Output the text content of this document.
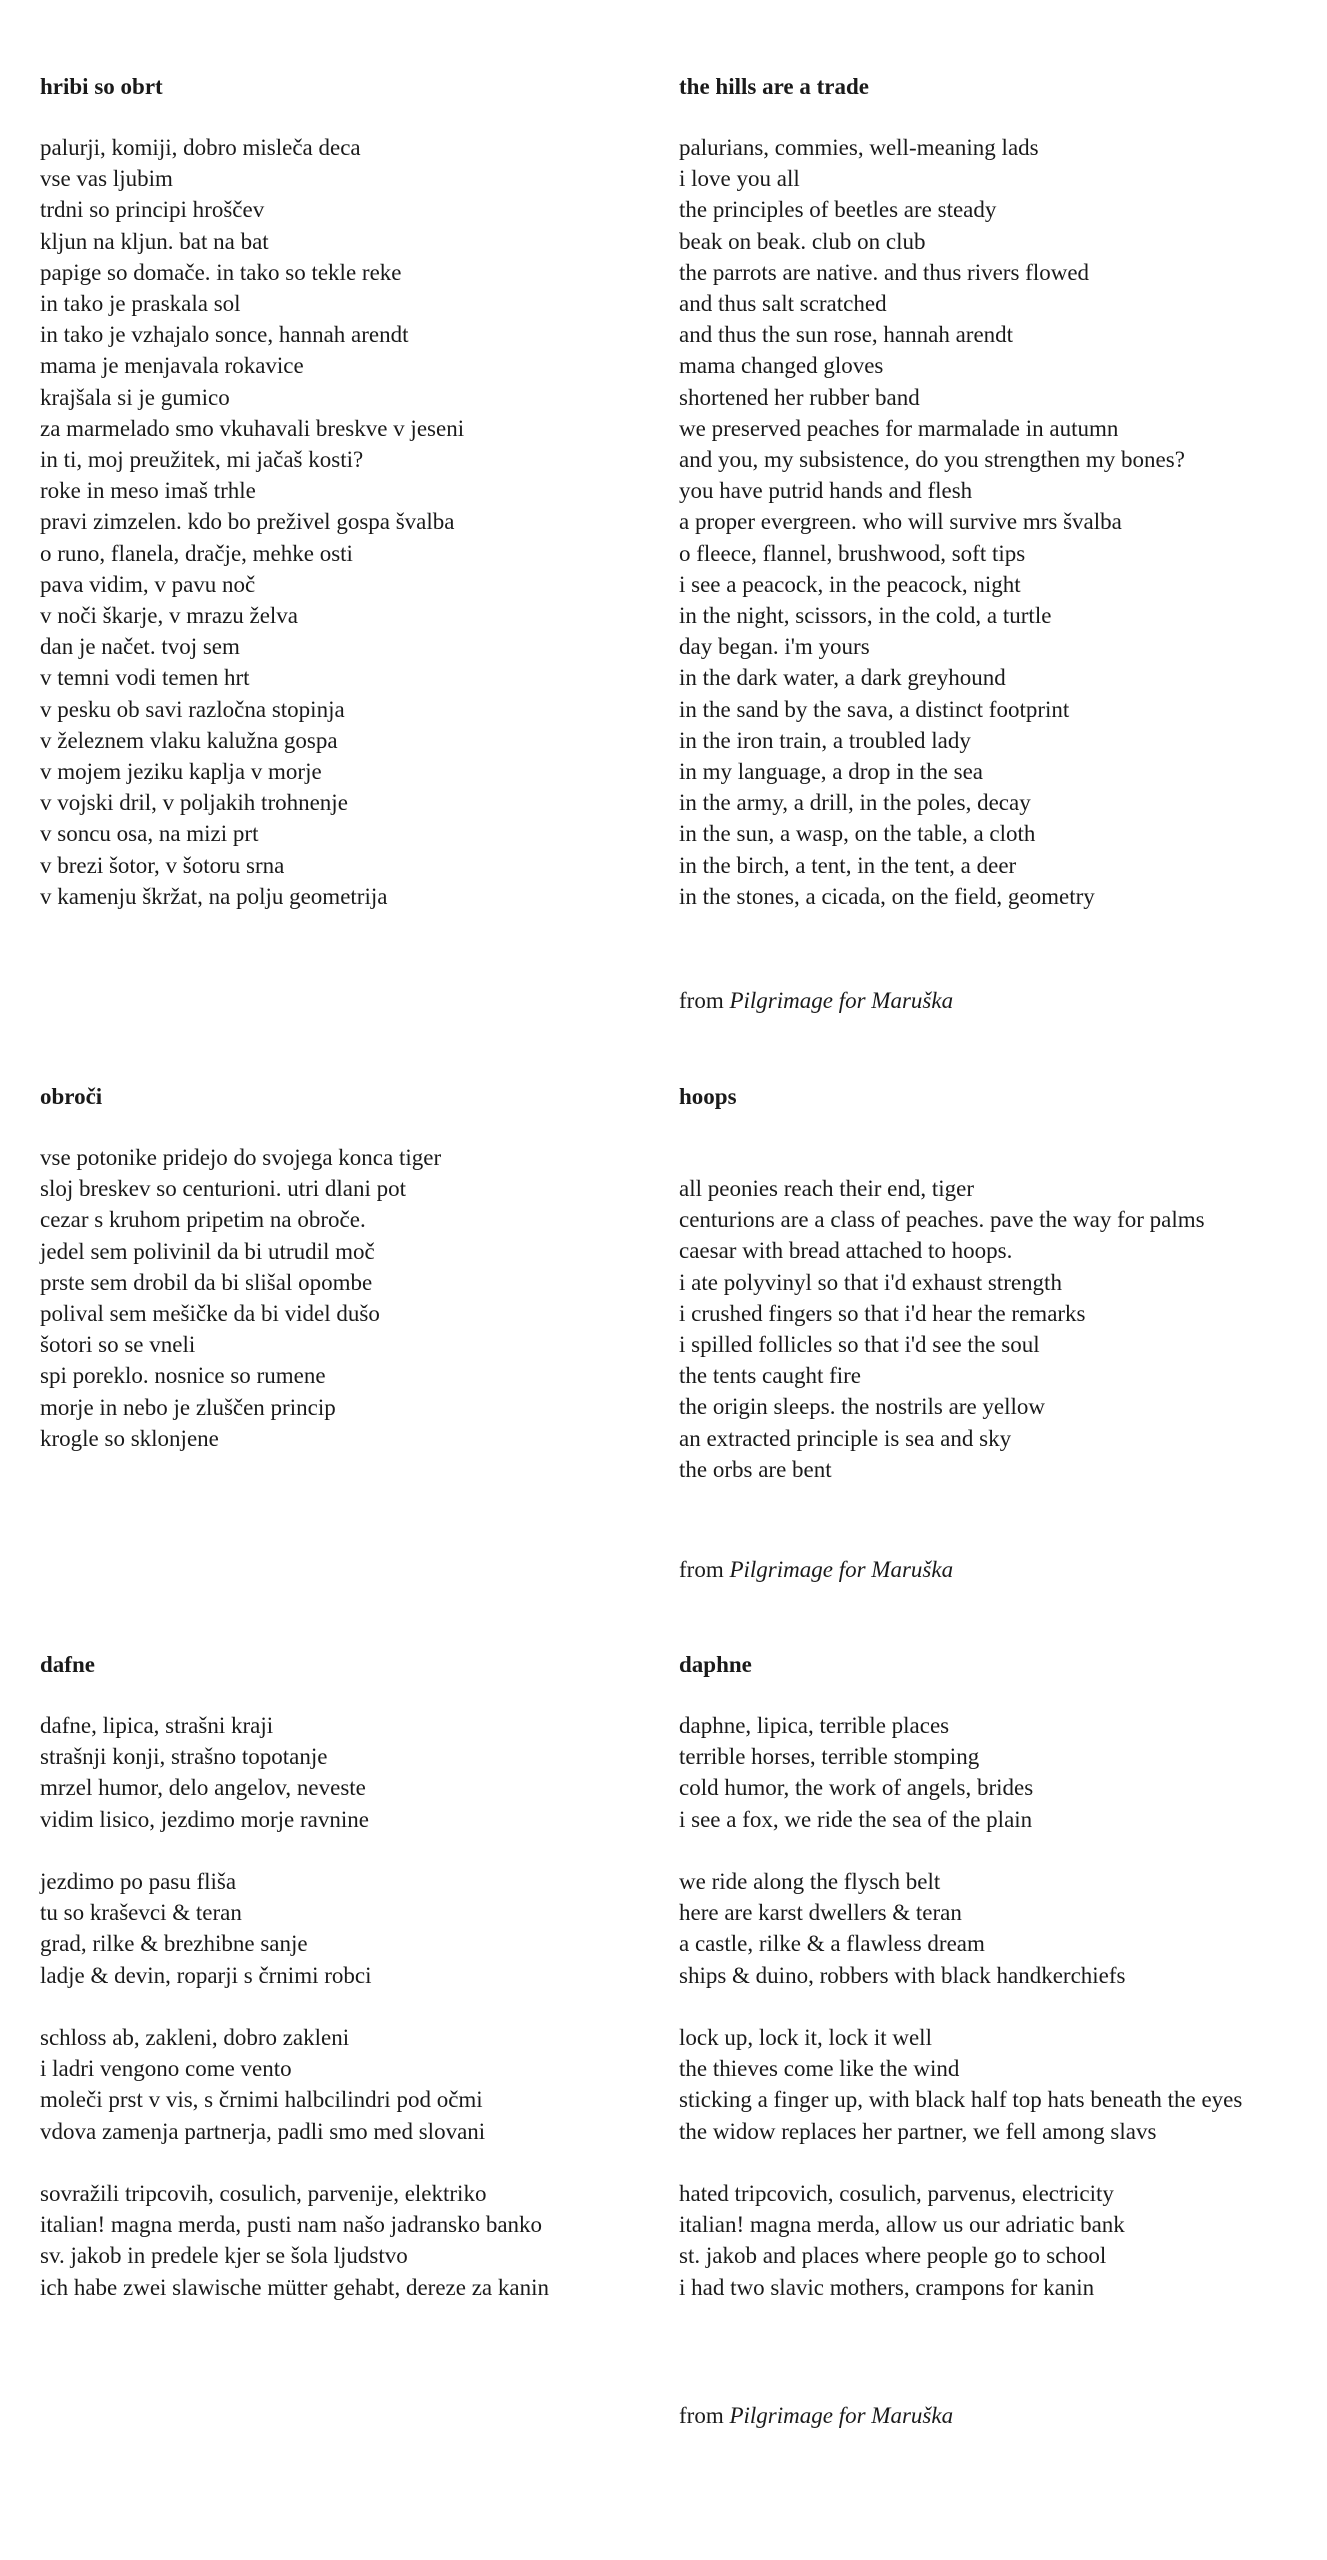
hribi so obrt
palurji, komiji, dobro misleča deca
vse vas ljubim
trdni so principi hroščev
kljun na kljun. bat na bat
papige so domače. in tako so tekle reke
in tako je praskala sol
in tako je vzhajalo sonce, hannah arendt
mama je menjavala rokavice
krajšala si je gumico
za marmelado smo vkuhavali breskve v jeseni
in ti, moj preužitek, mi jačaš kosti?
roke in meso imaš trhle
pravi zimzelen. kdo bo preživel gospa švalba
o runo, flanela, dračje, mehke osti
pava vidim, v pavu noč
v noči škarje, v mrazu želva
dan je načet. tvoj sem
v temni vodi temen hrt
v pesku ob savi razločna stopinja
v železnem vlaku kalužna gospa
v mojem jeziku kaplja v morje
v vojski dril, v poljakih trohnenje
v soncu osa, na mizi prt
v brezi šotor, v šotoru srna
v kamenju škržat, na polju geometrija
the hills are a trade
palurians, commies, well-meaning lads
i love you all
the principles of beetles are steady
beak on beak. club on club
the parrots are native. and thus rivers flowed
and thus salt scratched
and thus the sun rose, hannah arendt
mama changed gloves
shortened her rubber band
we preserved peaches for marmalade in autumn
and you, my subsistence, do you strengthen my bones?
you have putrid hands and flesh
a proper evergreen. who will survive mrs švalba
o fleece, flannel, brushwood, soft tips
i see a peacock, in the peacock, night
in the night, scissors, in the cold, a turtle
day began. i'm yours
in the dark water, a dark greyhound
in the sand by the sava, a distinct footprint
in the iron train, a troubled lady
in my language, a drop in the sea
in the army, a drill, in the poles, decay
in the sun, a wasp, on the table, a cloth
in the birch, a tent, in the tent, a deer
in the stones, a cicada, on the field, geometry
from Pilgrimage for Maruška
obroči
vse potonike pridejo do svojega konca tiger
sloj breskev so centurioni. utri dlani pot
cezar s kruhom pripetim na obroče.
jedel sem polivinil da bi utrudil moč
prste sem drobil da bi slišal opombe
polival sem mešičke da bi videl dušo
šotori so se vneli
spi poreklo. nosnice so rumene
morje in nebo je zluščen princip
krogle so sklonjene
hoops
all peonies reach their end, tiger
centurions are a class of peaches. pave the way for palms
caesar with bread attached to hoops.
i ate polyvinyl so that i'd exhaust strength
i crushed fingers so that i'd hear the remarks
i spilled follicles so that i'd see the soul
the tents caught fire
the origin sleeps. the nostrils are yellow
an extracted principle is sea and sky
the orbs are bent
from Pilgrimage for Maruška
dafne
dafne, lipica, strašni kraji
strašnji konji, strašno topotanje
mrzel humor, delo angelov, neveste
vidim lisico, jezdimo morje ravnine
jezdimo po pasu fliša
tu so kraševci & teran
grad, rilke & brezhibne sanje
ladje & devin, roparji s črnimi robci
schloss ab, zakleni, dobro zakleni
i ladri vengono come vento
moleči prst v vis, s črnimi halbcilindri pod očmi
vdova zamenja partnerja, padli smo med slovani
sovražili tripcovih, cosulich, parvenije, elektriko
italian! magna merda, pusti nam našo jadransko banko
sv. jakob in predele kjer se šola ljudstvo
ich habe zwei slawische mütter gehabt, dereze za kanin
daphne
daphne, lipica, terrible places
terrible horses, terrible stomping
cold humor, the work of angels, brides
i see a fox, we ride the sea of the plain
we ride along the flysch belt
here are karst dwellers & teran
a castle, rilke & a flawless dream
ships & duino, robbers with black handkerchiefs
lock up, lock it, lock it well
the thieves come like the wind
sticking a finger up, with black half top hats beneath the eyes
the widow replaces her partner, we fell among slavs
hated tripcovich, cosulich, parvenus, electricity
italian! magna merda, allow us our adriatic bank
st. jakob and places where people go to school
i had two slavic mothers, crampons for kanin
from Pilgrimage for Maruška
